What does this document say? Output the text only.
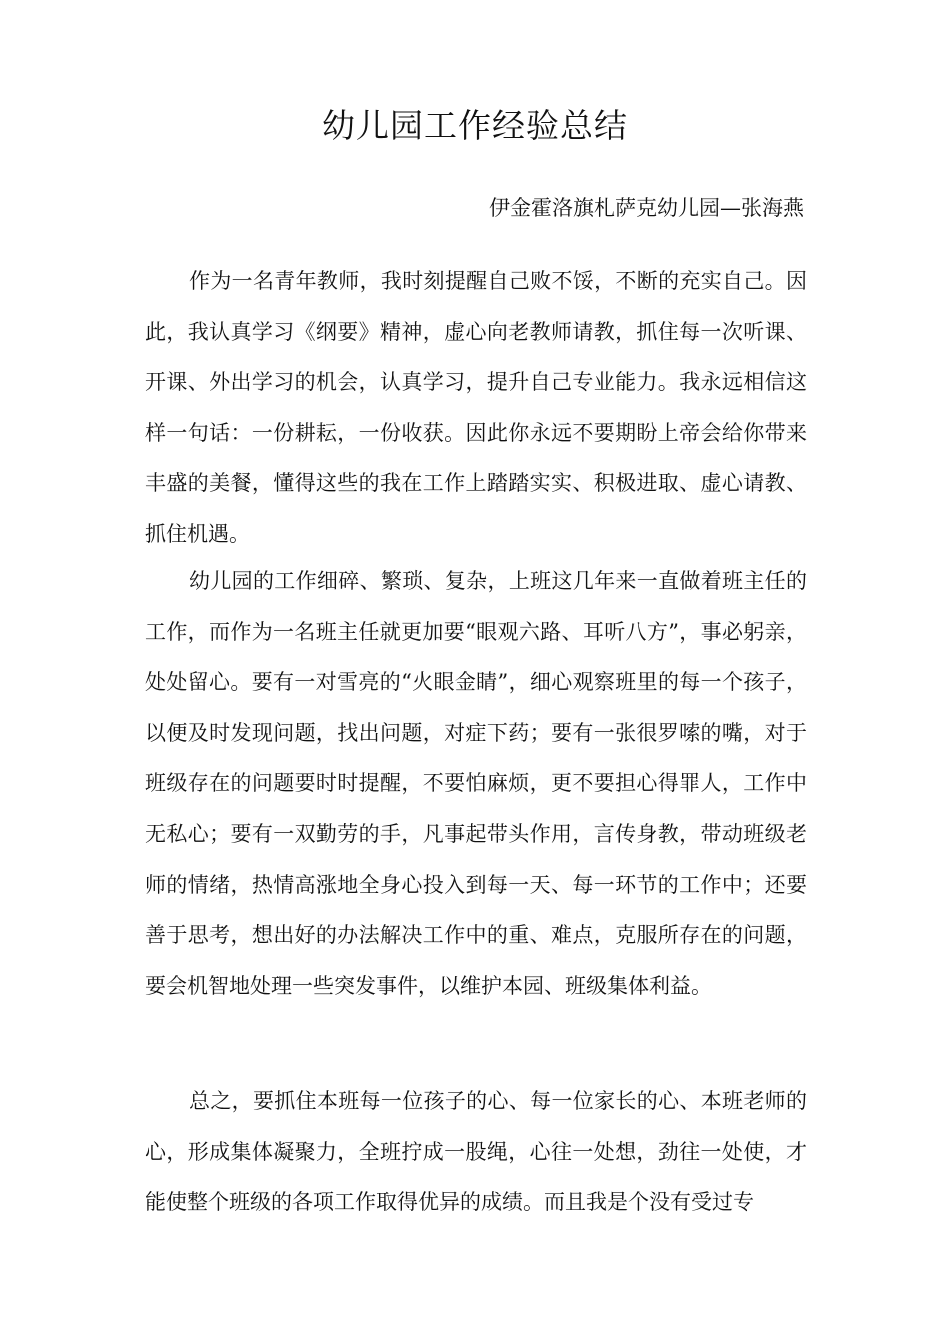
幼儿园工作经验总结
伊金霍洛旗札萨克幼儿园—张海燕

作为一名青年教师，我时刻提醒自己败不馁，不断的充实自己。因此，我认真学习《纲要》精神，虚心向老教师请教，抓住每一次听课、开课、外出学习的机会，认真学习，提升自己专业能力。我永远相信这样一句话：一份耕耘，一份收获。因此你永远不要期盼上帝会给你带来丰盛的美餐，懂得这些的我在工作上踏踏实实、积极进取、虚心请教、抓住机遇。

幼儿园的工作细碎、繁琐、复杂，上班这几年来一直做着班主任的工作，而作为一名班主任就更加要“眼观六路、耳听八方”，事必躬亲，处处留心。要有一对雪亮的“火眼金睛”，细心观察班里的每一个孩子，以便及时发现问题，找出问题，对症下药；要有一张很罗嗦的嘴，对于班级存在的问题要时时提醒，不要怕麻烦，更不要担心得罪人，工作中无私心；要有一双勤劳的手，凡事起带头作用，言传身教，带动班级老师的情绪，热情高涨地全身心投入到每一天、每一环节的工作中；还要善于思考，想出好的办法解决工作中的重、难点，克服所存在的问题，要会机智地处理一些突发事件，以维护本园、班级集体利益。

总之，要抓住本班每一位孩子的心、每一位家长的心、本班老师的心，形成集体凝聚力，全班拧成一股绳，心往一处想，劲往一处使，才能使整个班级的各项工作取得优异的成绩。而且我是个没有受过专
